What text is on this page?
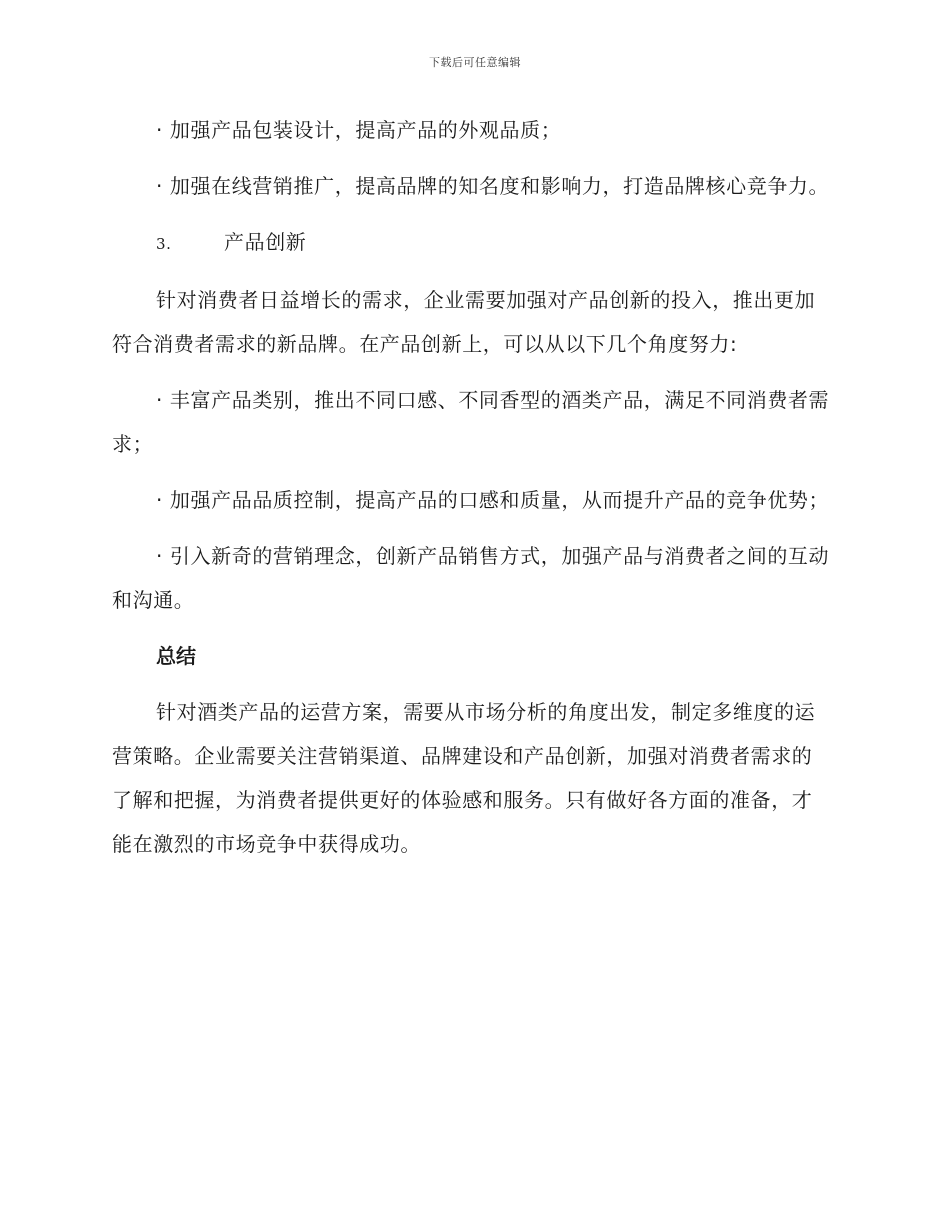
下载后可任意编辑

· 加强产品包装设计，提高产品的外观品质；

· 加强在线营销推广，提高品牌的知名度和影响力，打造品牌核心竞争力。

3.	产品创新

针对消费者日益增长的需求，企业需要加强对产品创新的投入，推出更加符合消费者需求的新品牌。在产品创新上，可以从以下几个角度努力:

· 丰富产品类别，推出不同口感、不同香型的酒类产品，满足不同消费者需求；

· 加强产品品质控制，提高产品的口感和质量，从而提升产品的竞争优势；

· 引入新奇的营销理念，创新产品销售方式，加强产品与消费者之间的互动和沟通。

总结

针对酒类产品的运营方案，需要从市场分析的角度出发，制定多维度的运营策略。企业需要关注营销渠道、品牌建设和产品创新，加强对消费者需求的了解和把握，为消费者提供更好的体验感和服务。只有做好各方面的准备，才能在激烈的市场竞争中获得成功。
